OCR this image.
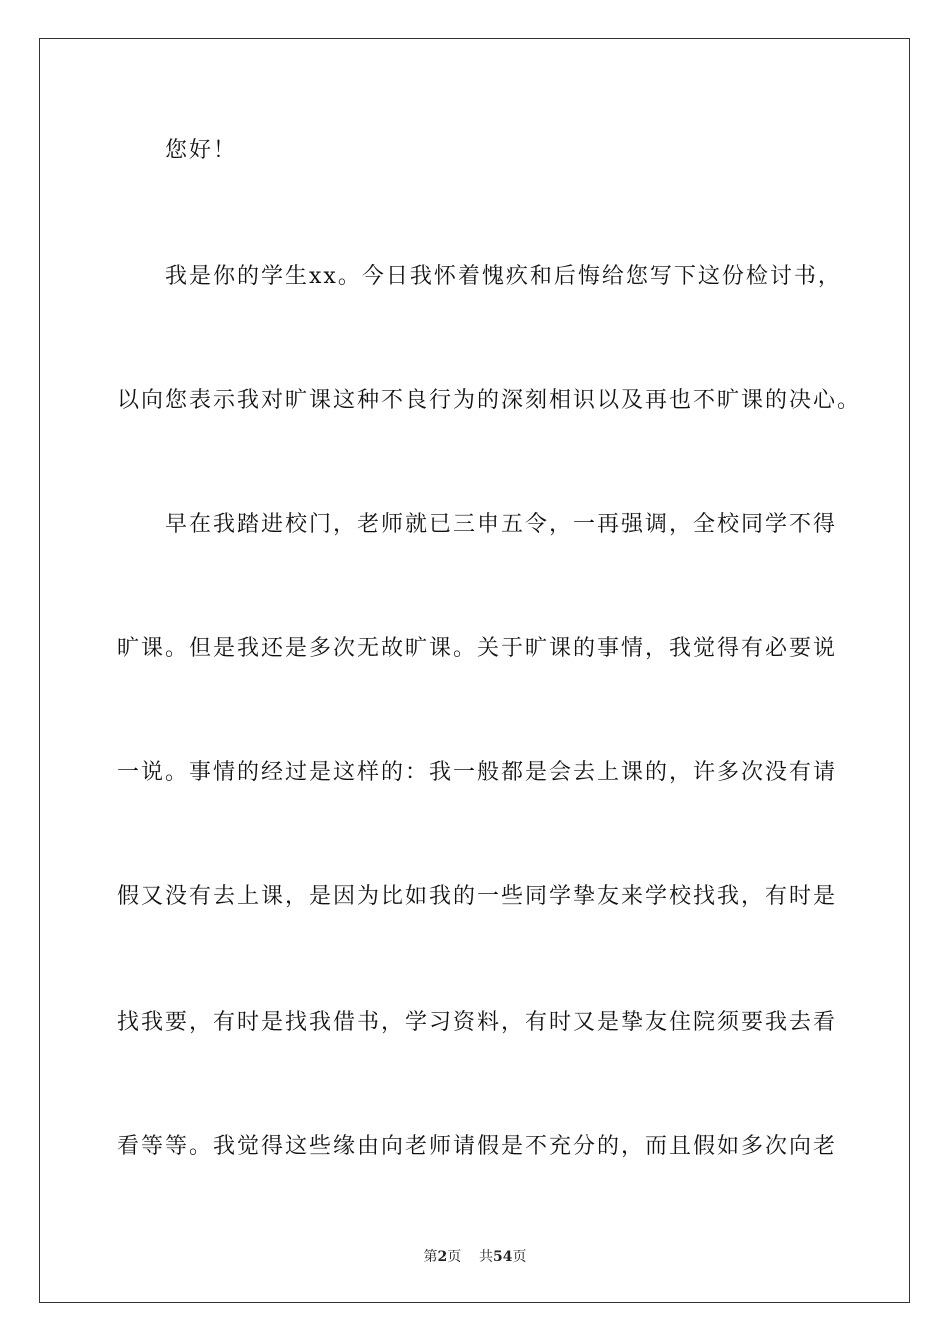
您好！
我是你的学生xx。今日我怀着愧疚和后悔给您写下这份检讨书，
以向您表示我对旷课这种不良行为的深刻相识以及再也不旷课的决心。
早在我踏进校门，老师就已三申五令，一再强调，全校同学不得
旷课。但是我还是多次无故旷课。关于旷课的事情，我觉得有必要说
一说。事情的经过是这样的：我一般都是会去上课的，许多次没有请
假又没有去上课，是因为比如我的一些同学挚友来学校找我，有时是
找我要，有时是找我借书，学习资料，有时又是挚友住院须要我去看
看等等。我觉得这些缘由向老师请假是不充分的，而且假如多次向老
第2页 共54页
